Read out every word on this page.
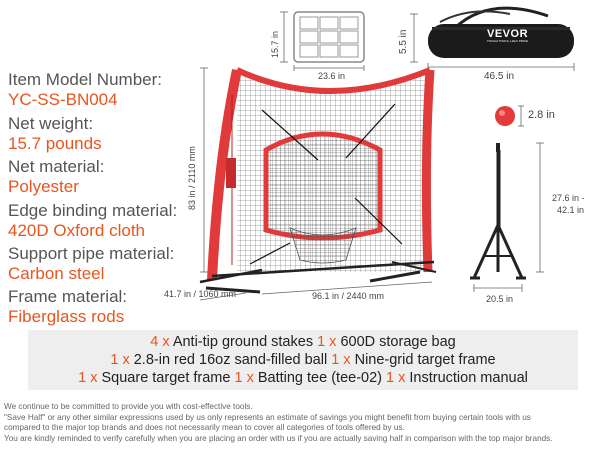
Item Model Number:
YC-SS-BN004
Net weight:
15.7 pounds
Net material:
Polyester
Edge binding material:
420D Oxford cloth
Support pipe material:
Carbon steel
Frame material:
Fiberglass rods
VEVOR
TOUGH TOOLS, HALF PRICE
15.7 in
23.6 in
5.5 in
46.5 in
2.8 in
83 in / 2110 mm
41.7 in / 1060 mm	96.1 in / 2440 mm
27.6 in -
42.1 in
20.5 in
4 x Anti-tip ground stakes 1 x 600D storage bag
1 x 2.8-in red 16oz sand-filled ball 1 x Nine-grid target frame
1 x Square target frame 1 x Batting tee (tee-02) 1 x Instruction manual
We continue to be committed to provide you with cost-effective tools.
"Save Half" or any other similar expressions used by us only represents an estimate of savings you might benefit from buying certain tools with us
compared to the major top brands and does not necessarily mean to cover all categories of tools offered by us.
You are kindly reminded to verify carefully when you are placing an order with us if you are actually saving half in comparison with the top major brands.
